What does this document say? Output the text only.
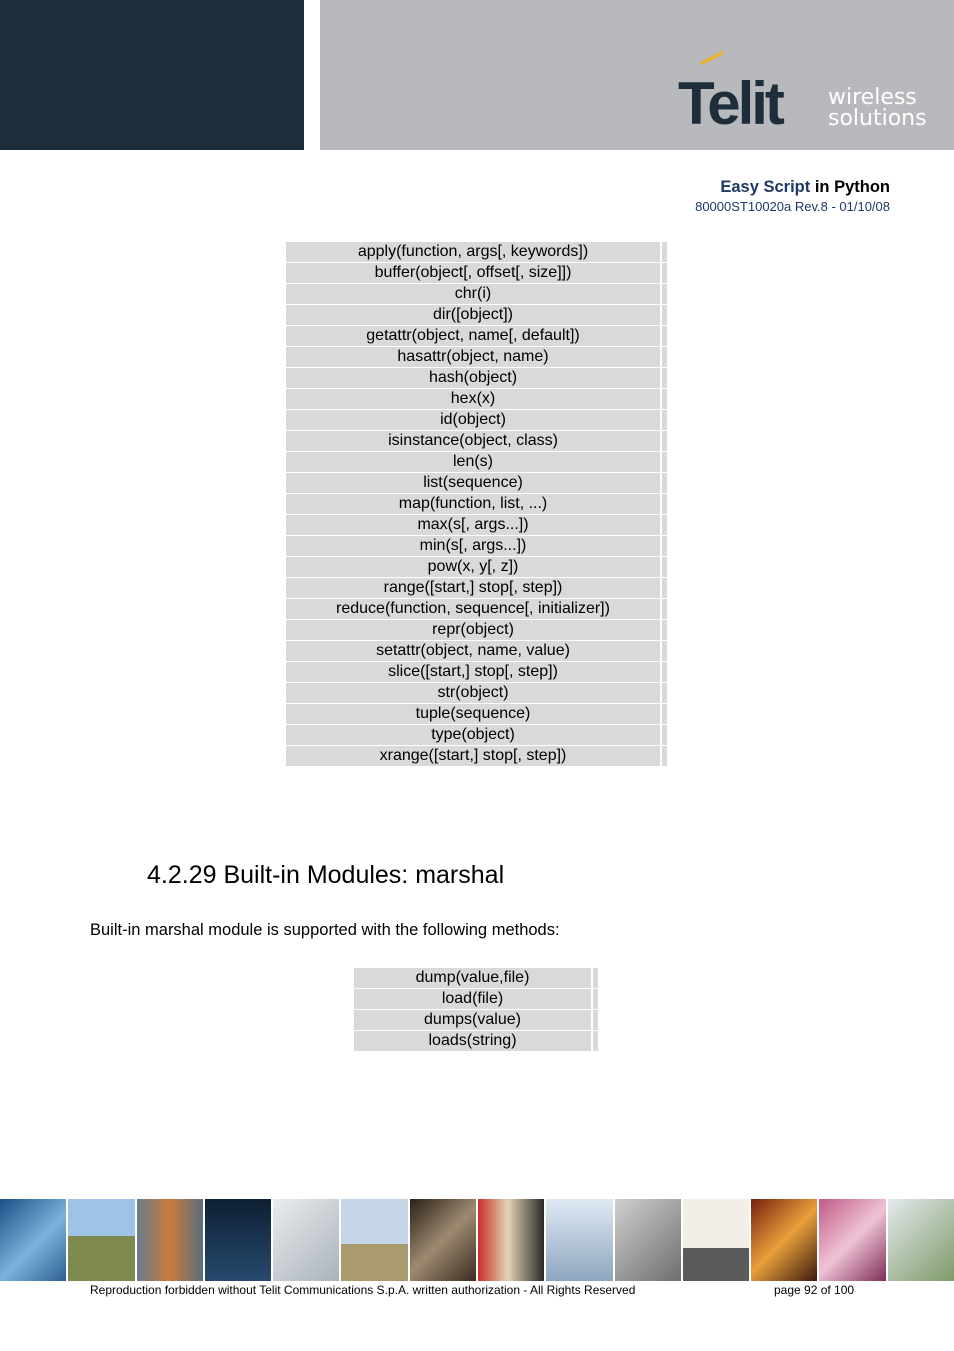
Telit wireless
solutions
Easy Script in Python
80000ST10020a Rev.8 - 01/10/08
apply(function, args[, keywords])		
buffer(object[, offset[, size]])		
chr(i)		
dir([object])		
getattr(object, name[, default])		
hasattr(object, name)		
hash(object)		
hex(x)		
id(object)		
isinstance(object, class)		
len(s)		
list(sequence)		
map(function, list, ...)		
max(s[, args...])		
min(s[, args...])		
pow(x, y[, z])		
range([start,] stop[, step])		
reduce(function, sequence[, initializer])		
repr(object)		
setattr(object, name, value)		
slice([start,] stop[, step])		
str(object)		
tuple(sequence)		
type(object)		
xrange([start,] stop[, step])		
4.2.29 Built-in Modules: marshal
Built-in marshal module is supported with the following methods:
dump(value,file)		
load(file)		
dumps(value)		
loads(string)		
Reproduction forbidden without Telit Communications S.p.A. written authorization - All Rights Reserved	page 92 of 100
